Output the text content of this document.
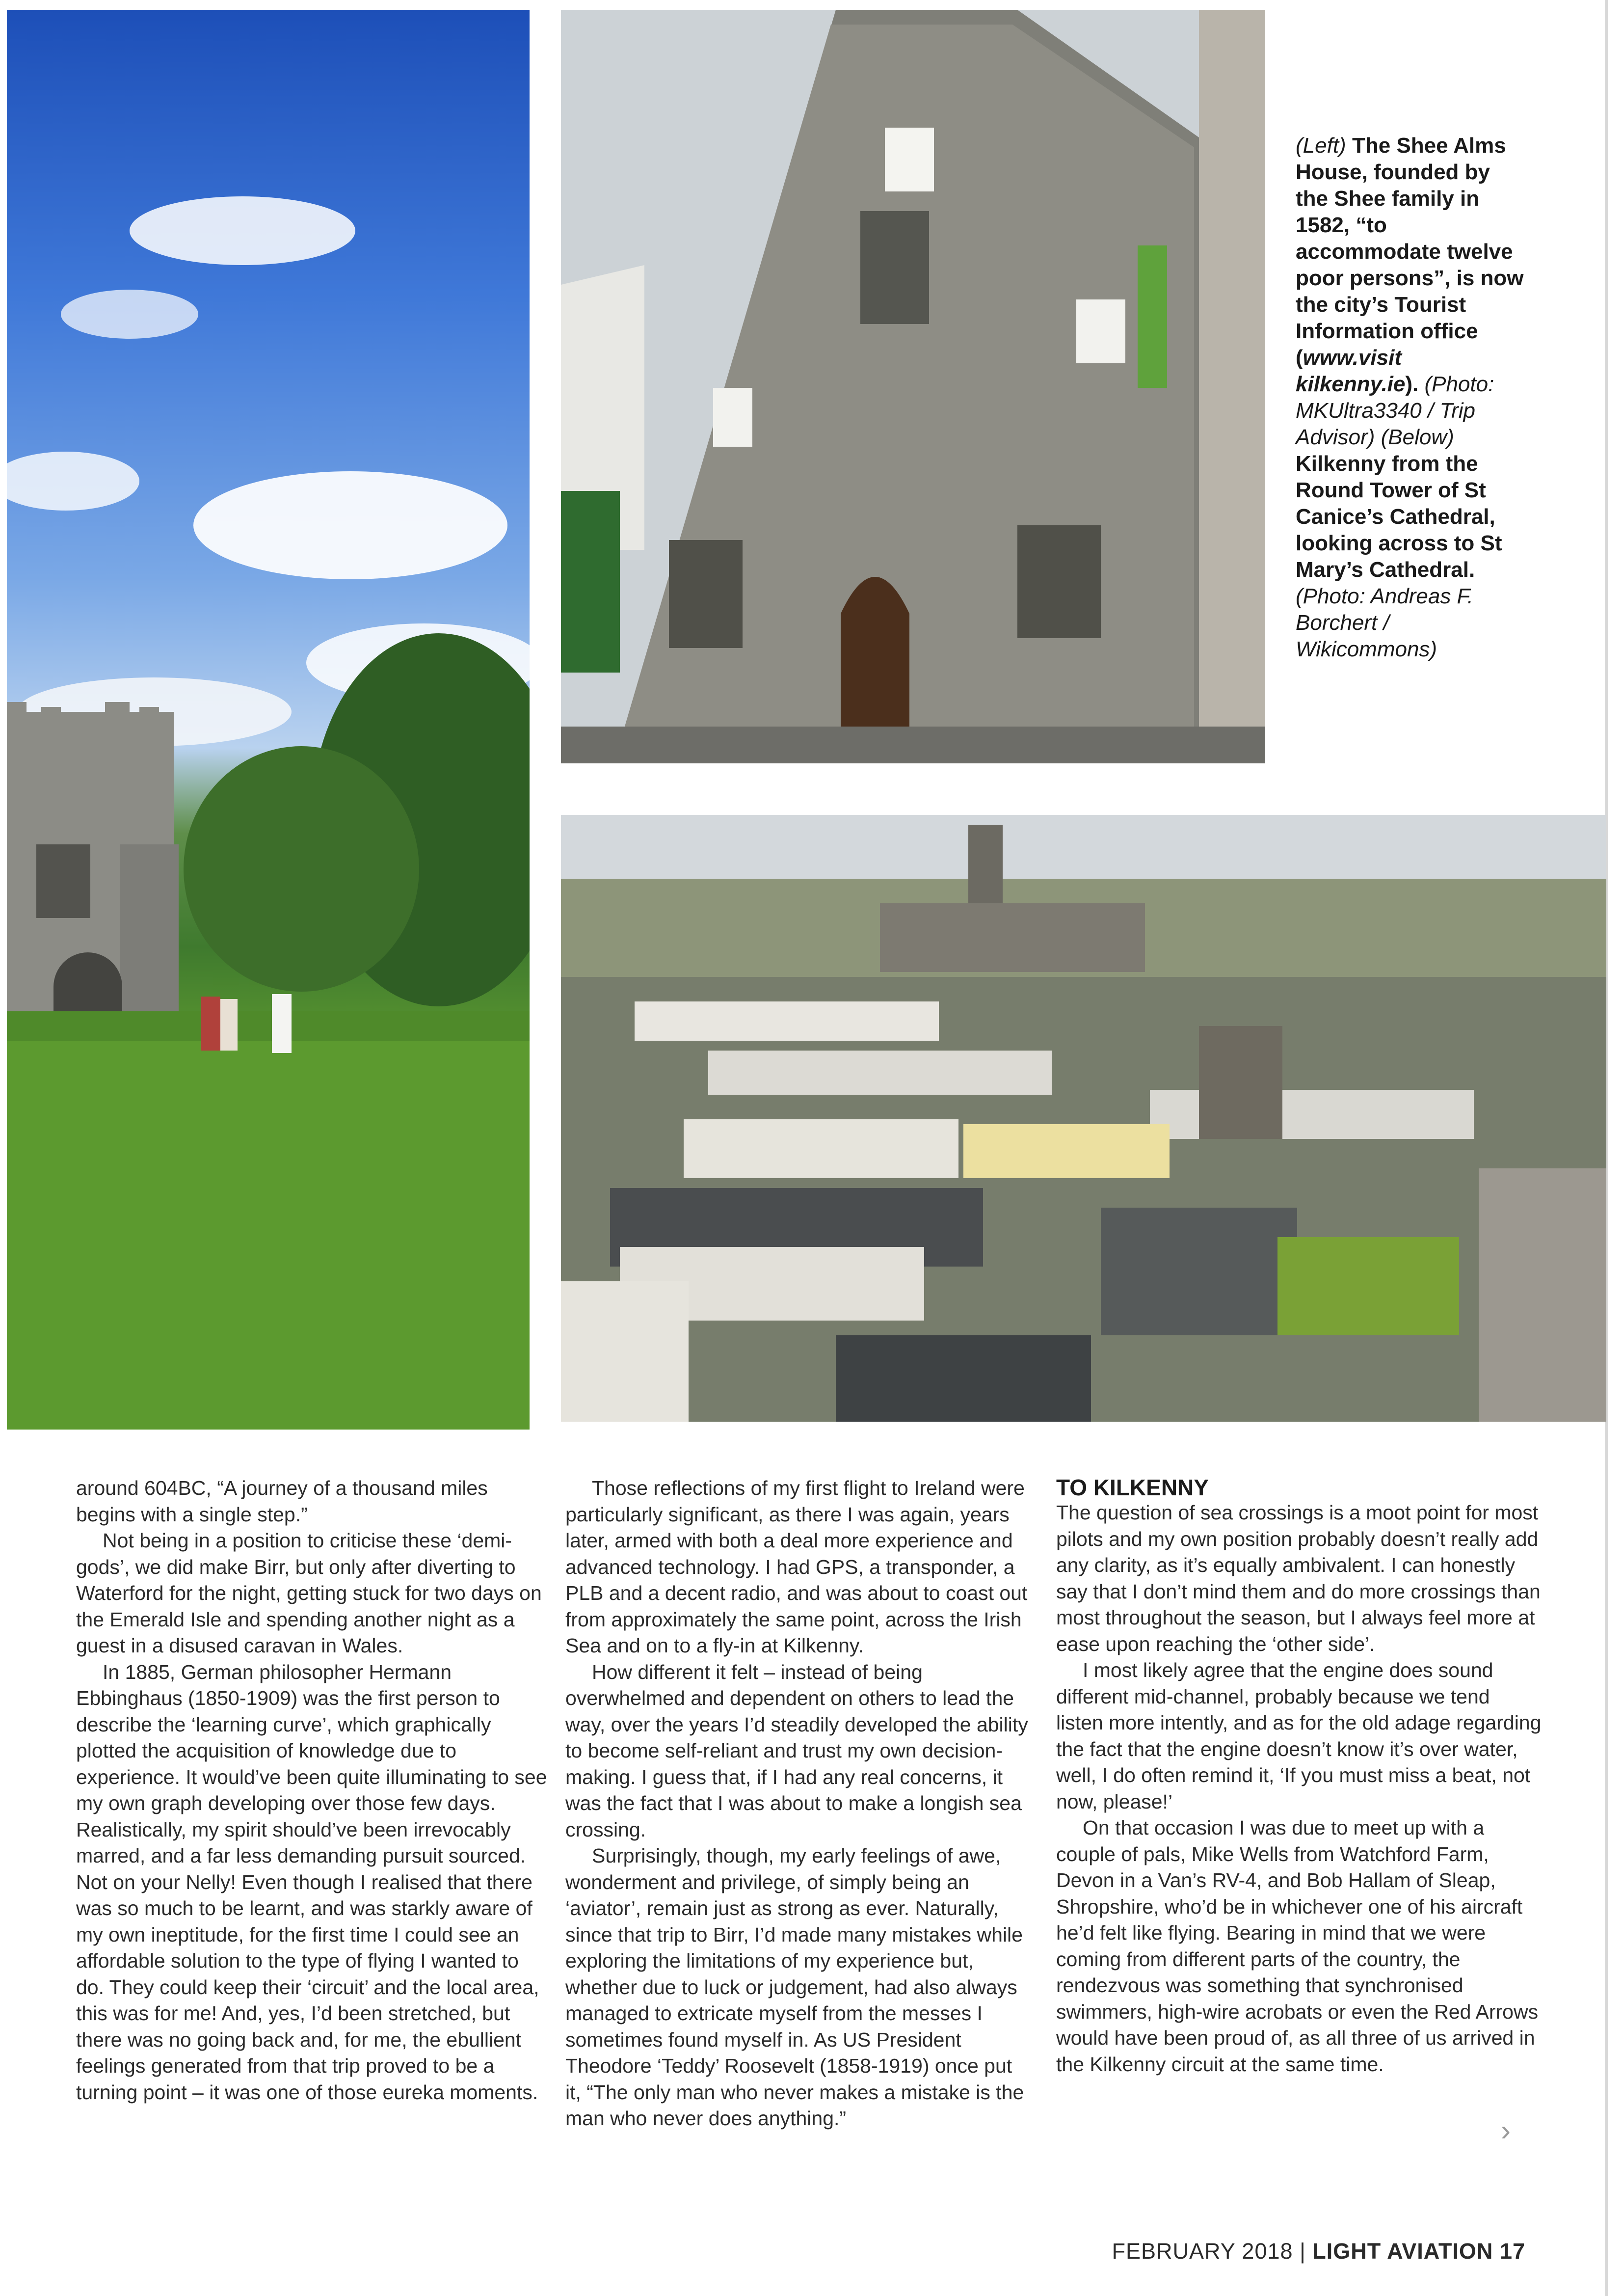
(Left) The Shee Alms House, founded by the Shee family in 1582, “to accommodate twelve poor persons”, is now the city’s Tourist Information office (www.visit kilkenny.ie). (Photo: MKUltra3340 / Trip Advisor) (Below) Kilkenny from the Round Tower of St Canice’s Cathedral, looking across to St Mary’s Cathedral. (Photo: Andreas F. Borchert / Wikicommons)

around 604BC, “A journey of a thousand miles begins with a single step.”

Not being in a position to criticise these ‘demi-gods’, we did make Birr, but only after diverting to Waterford for the night, getting stuck for two days on the Emerald Isle and spending another night as a guest in a disused caravan in Wales.

In 1885, German philosopher Hermann Ebbinghaus (1850-1909) was the first person to describe the ‘learning curve’, which graphically plotted the acquisition of knowledge due to experience. It would’ve been quite illuminating to see my own graph developing over those few days. Realistically, my spirit should’ve been irrevocably marred, and a far less demanding pursuit sourced. Not on your Nelly! Even though I realised that there was so much to be learnt, and was starkly aware of my own ineptitude, for the first time I could see an affordable solution to the type of flying I wanted to do. They could keep their ‘circuit’ and the local area, this was for me! And, yes, I’d been stretched, but there was no going back and, for me, the ebullient feelings generated from that trip proved to be a turning point – it was one of those eureka moments.

Those reflections of my first flight to Ireland were particularly significant, as there I was again, years later, armed with both a deal more experience and advanced technology. I had GPS, a transponder, a PLB and a decent radio, and was about to coast out from approximately the same point, across the Irish Sea and on to a fly-in at Kilkenny.

How different it felt – instead of being overwhelmed and dependent on others to lead the way, over the years I’d steadily developed the ability to become self-reliant and trust my own decision-making. I guess that, if I had any real concerns, it was the fact that I was about to make a longish sea crossing.

Surprisingly, though, my early feelings of awe, wonderment and privilege, of simply being an ‘aviator’, remain just as strong as ever. Naturally, since that trip to Birr, I’d made many mistakes while exploring the limitations of my experience but, whether due to luck or judgement, had also always managed to extricate myself from the messes I sometimes found myself in. As US President Theodore ‘Teddy’ Roosevelt (1858-1919) once put it, “The only man who never makes a mistake is the man who never does anything.”

TO KILKENNY

The question of sea crossings is a moot point for most pilots and my own position probably doesn’t really add any clarity, as it’s equally ambivalent. I can honestly say that I don’t mind them and do more crossings than most throughout the season, but I always feel more at ease upon reaching the ‘other side’.

I most likely agree that the engine does sound different mid-channel, probably because we tend listen more intently, and as for the old adage regarding the fact that the engine doesn’t know it’s over water, well, I do often remind it, ‘If you must miss a beat, not now, please!’

On that occasion I was due to meet up with a couple of pals, Mike Wells from Watchford Farm, Devon in a Van’s RV-4, and Bob Hallam of Sleap, Shropshire, who’d be in whichever one of his aircraft he’d felt like flying. Bearing in mind that we were coming from different parts of the country, the rendezvous was something that synchronised swimmers, high-wire acrobats or even the Red Arrows would have been proud of, as all three of us arrived in the Kilkenny circuit at the same time.

›
FEBRUARY 2018 | LIGHT AVIATION 17
